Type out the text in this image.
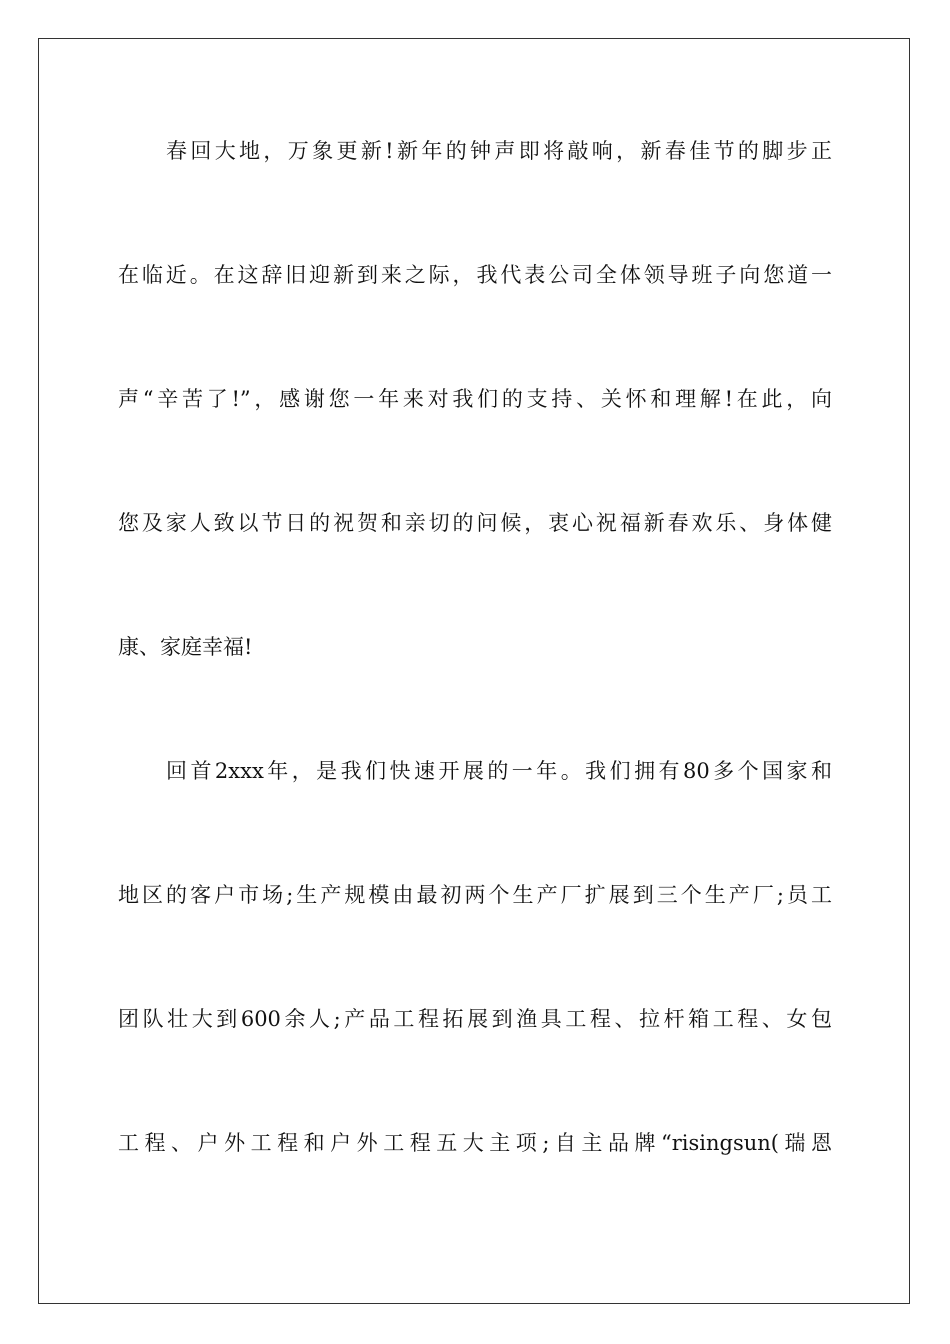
春回大地，万象更新!新年的钟声即将敲响，新春佳节的脚步正
在临近。在这辞旧迎新到来之际，我代表公司全体领导班子向您道一
声“辛苦了!”，感谢您一年来对我们的支持、关怀和理解!在此，向
您及家人致以节日的祝贺和亲切的问候，衷心祝福新春欢乐、身体健
康、家庭幸福!
回首2xxx年，是我们快速开展的一年。我们拥有80多个国家和
地区的客户市场;生产规模由最初两个生产厂扩展到三个生产厂;员工
团队壮大到600余人;产品工程拓展到渔具工程、拉杆箱工程、女包
工程、户外工程和户外工程五大主项;自主品牌“risingsun(瑞恩
